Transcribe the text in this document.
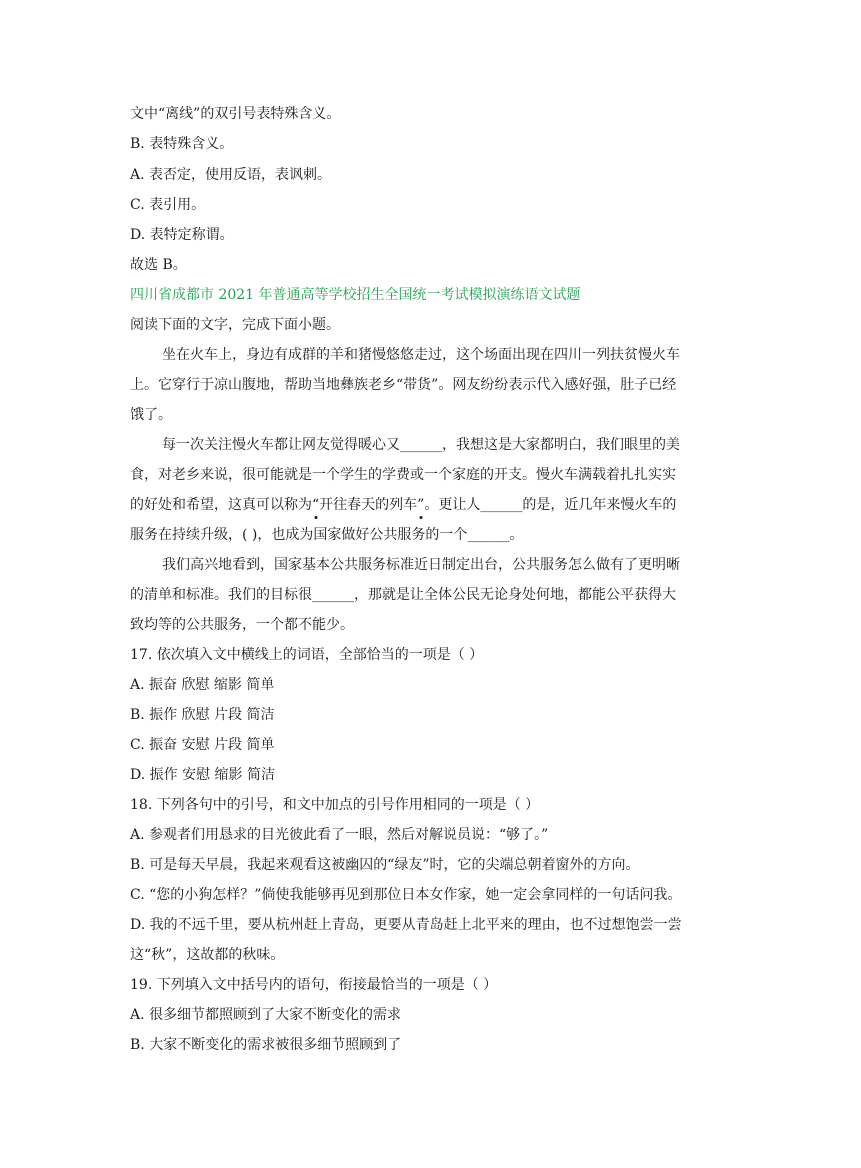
文中“离线”的双引号表特殊含义。
B. 表特殊含义。
A. 表否定，使用反语，表讽刺。
C. 表引用。
D. 表特定称谓。
故选 B。
四川省成都市 2021 年普通高等学校招生全国统一考试模拟演练语文试题
阅读下面的文字，完成下面小题。
坐在火车上，身边有成群的羊和猪慢悠悠走过，这个场面出现在四川一列扶贫慢火车
上。它穿行于凉山腹地，帮助当地彝族老乡“带货”。网友纷纷表示代入感好强，肚子已经
饿了。
每一次关注慢火车都让网友觉得暖心又______，我想这是大家都明白，我们眼里的美
食，对老乡来说，很可能就是一个学生的学费或一个家庭的开支。慢火车满载着扎扎实实
的好处和希望，这真可以称为“
开往春天的列车”
。更让人______的是，近几年来慢火车的
服务在持续升级，( )，也成为国家做好公共服务的一个______。
我们高兴地看到，国家基本公共服务标准近日制定出台，公共服务怎么做有了更明晰
的清单和标准。我们的目标很______，那就是让全体公民无论身处何地，都能公平获得大
致均等的公共服务，一个都不能少。
17. 依次填入文中横线上的词语，全部恰当的一项是（ ）
A. 振奋 欣慰 缩影 简单
B. 振作 欣慰 片段 简洁
C. 振奋 安慰 片段 简单
D. 振作 安慰 缩影 简洁
18. 下列各句中的引号，和文中加点的引号作用相同的一项是（ ）
A. 参观者们用恳求的目光彼此看了一眼，然后对解说员说：“够了。”
B. 可是每天早晨，我起来观看这被幽囚的“绿友”时，它的尖端总朝着窗外的方向。
C. “您的小狗怎样？”倘使我能够再见到那位日本女作家，她一定会拿同样的一句话问我。
D. 我的不远千里，要从杭州赶上青岛，更要从青岛赶上北平来的理由，也不过想饱尝一尝
这“秋”，这故都的秋味。
19. 下列填入文中括号内的语句，衔接最恰当的一项是（ ）
A. 很多细节都照顾到了大家不断变化的需求
B. 大家不断变化的需求被很多细节照顾到了
